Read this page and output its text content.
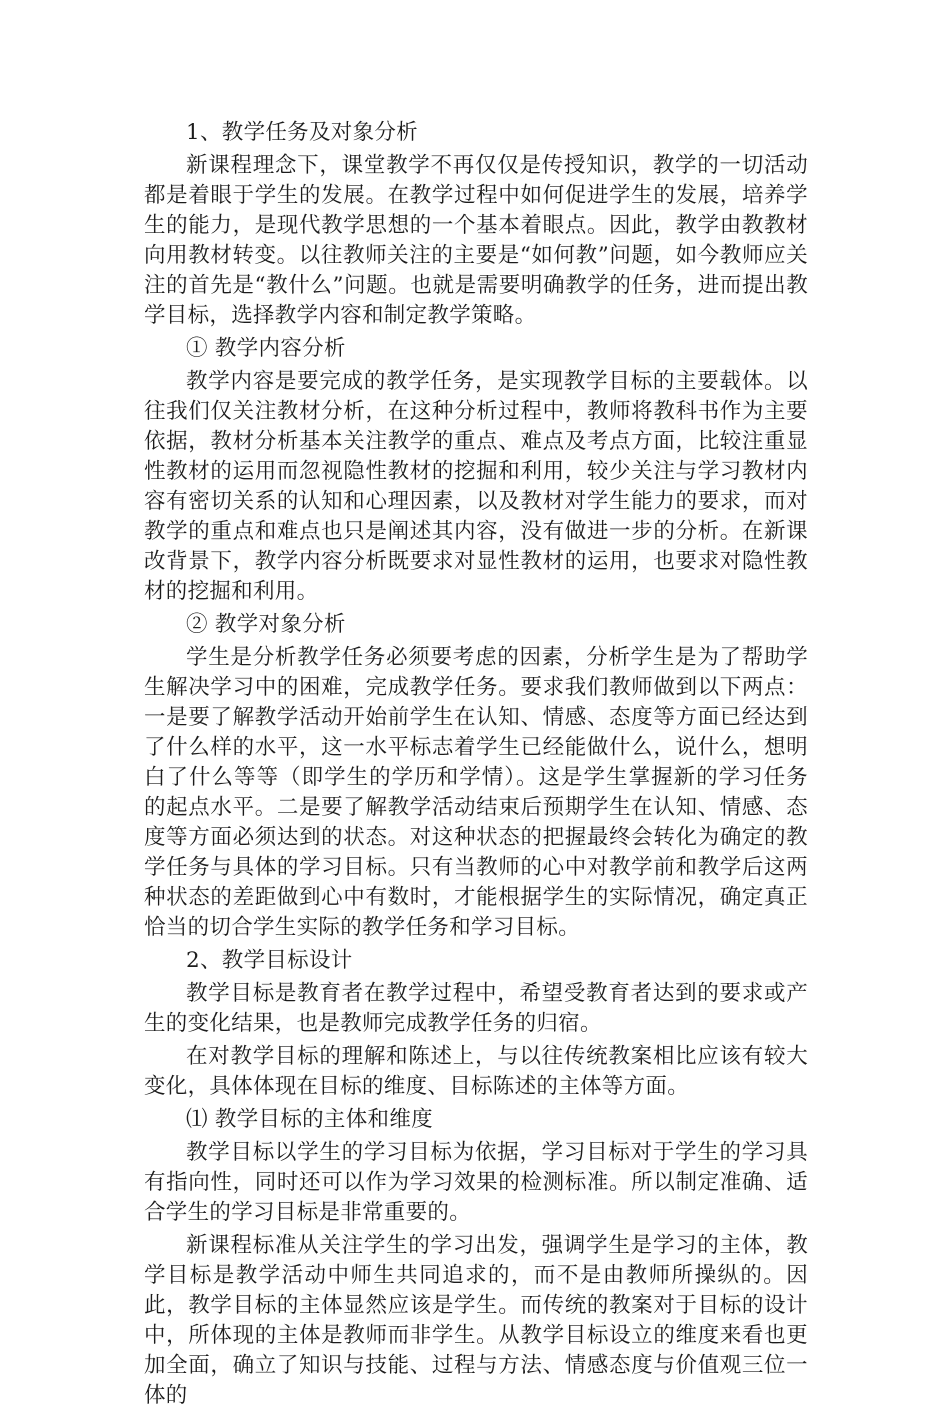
1、教学任务及对象分析

新课程理念下，课堂教学不再仅仅是传授知识，教学的一切活动都是着眼于学生的发展。在教学过程中如何促进学生的发展，培养学生的能力，是现代教学思想的一个基本着眼点。因此，教学由教教材向用教材转变。以往教师关注的主要是“如何教”问题，如今教师应关注的首先是“教什么”问题。也就是需要明确教学的任务，进而提出教学目标，选择教学内容和制定教学策略。

① 教学内容分析

教学内容是要完成的教学任务，是实现教学目标的主要载体。以往我们仅关注教材分析，在这种分析过程中，教师将教科书作为主要依据，教材分析基本关注教学的重点、难点及考点方面，比较注重显性教材的运用而忽视隐性教材的挖掘和利用，较少关注与学习教材内容有密切关系的认知和心理因素，以及教材对学生能力的要求，而对教学的重点和难点也只是阐述其内容，没有做进一步的分析。在新课改背景下，教学内容分析既要求对显性教材的运用，也要求对隐性教材的挖掘和利用。

② 教学对象分析

学生是分析教学任务必须要考虑的因素，分析学生是为了帮助学生解决学习中的困难，完成教学任务。要求我们教师做到以下两点：一是要了解教学活动开始前学生在认知、情感、态度等方面已经达到了什么样的水平，这一水平标志着学生已经能做什么，说什么，想明白了什么等等（即学生的学历和学情）。这是学生掌握新的学习任务的起点水平。二是要了解教学活动结束后预期学生在认知、情感、态度等方面必须达到的状态。对这种状态的把握最终会转化为确定的教学任务与具体的学习目标。只有当教师的心中对教学前和教学后这两种状态的差距做到心中有数时，才能根据学生的实际情况，确定真正恰当的切合学生实际的教学任务和学习目标。

2、教学目标设计

教学目标是教育者在教学过程中，希望受教育者达到的要求或产生的变化结果，也是教师完成教学任务的归宿。

在对教学目标的理解和陈述上，与以往传统教案相比应该有较大变化，具体体现在目标的维度、目标陈述的主体等方面。

⑴ 教学目标的主体和维度

教学目标以学生的学习目标为依据，学习目标对于学生的学习具有指向性，同时还可以作为学习效果的检测标准。所以制定准确、适合学生的学习目标是非常重要的。

新课程标准从关注学生的学习出发，强调学生是学习的主体，教学目标是教学活动中师生共同追求的，而不是由教师所操纵的。因此，教学目标的主体显然应该是学生。而传统的教案对于目标的设计中，所体现的主体是教师而非学生。从教学目标设立的维度来看也更加全面，确立了知识与技能、过程与方法、情感态度与价值观三位一体的
